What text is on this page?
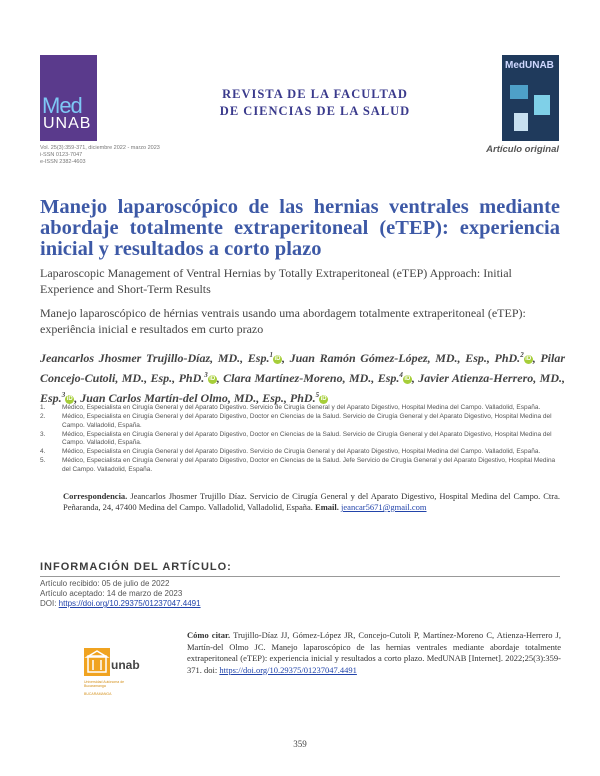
Med
UNAB
REVISTA DE LA FACULTAD
DE CIENCIAS DE LA SALUD
MedUNAB
Vol. 25(3):359-371, diciembre 2022 - marzo 2023
i-SSN 0123-7047
e-ISSN 2382-4603
Artículo original
Manejo laparoscópico de las hernias ventrales mediante abordaje totalmente extraperitoneal (eTEP): experiencia inicial y resultados a corto plazo
Laparoscopic Management of Ventral Hernias by Totally Extraperitoneal (eTEP) Approach: Initial Experience and Short-Term Results
Manejo laparoscópico de hérnias ventrais usando uma abordagem totalmente extraperitoneal (eTEP): experiência inicial e resultados em curto prazo
Jeancarlos Jhosmer Trujillo-Díaz, MD., Esp.$^1$ iD , Juan Ramón Gómez-López, MD., Esp., PhD.$^2$ iD , Pilar Concejo-Cutoli, MD., Esp., PhD.$^3$ iD , Clara Martínez-Moreno, MD., Esp.$^4$ iD , Javier Atienza-Herrero, MD., Esp.$^3$ iD , Juan Carlos Martín-del Olmo, MD., Esp., PhD.$^5$ iD
1.	Médico, Especialista en Cirugía General y del Aparato Digestivo. Servicio de Cirugía General y del Aparato Digestivo, Hospital Medina del Campo. Valladolid, España.
2.	Médico, Especialista en Cirugía General y del Aparato Digestivo, Doctor en Ciencias de la Salud. Servicio de Cirugía General y del Aparato Digestivo, Hospital Medina del Campo. Valladolid, España.
3.	Médico, Especialista en Cirugía General y del Aparato Digestivo, Doctor en Ciencias de la Salud. Servicio de Cirugía General y del Aparato Digestivo, Hospital Medina del Campo. Valladolid, España.
4.	Médico, Especialista en Cirugía General y del Aparato Digestivo. Servicio de Cirugía General y del Aparato Digestivo, Hospital Medina del Campo. Valladolid, España.
5.	Médico, Especialista en Cirugía General y del Aparato Digestivo, Doctor en Ciencias de la Salud. Jefe Servicio de Cirugía General y del Aparato Digestivo, Hospital Medina del Campo. Valladolid, España.
Correspondencia. Jeancarlos Jhosmer Trujillo Díaz. Servicio de Cirugía General y del Aparato Digestivo, Hospital Medina del Campo. Ctra. Peñaranda, 24, 47400 Medina del Campo. Valladolid, Valladolid, España. Email. jeancar5671@gmail.com
INFORMACIÓN DEL ARTÍCULO:
Artículo recibido: 05 de julio de 2022
Artículo aceptado: 14 de marzo de 2023
DOI: https://doi.org/10.29375/01237047.4491
unab
Universidad Autónoma de Bucaramanga
BUCARAMANGA
Cómo citar. Trujillo-Díaz JJ, Gómez-López JR, Concejo-Cutoli P, Martínez-Moreno C, Atienza-Herrero J, Martín-del Olmo JC. Manejo laparoscópico de las hernias ventrales mediante abordaje totalmente extraperitoneal (eTEP): experiencia inicial y resultados a corto plazo. MedUNAB [Internet]. 2022;25(3):359-371. doi: https://doi.org/10.29375/01237047.4491
359
